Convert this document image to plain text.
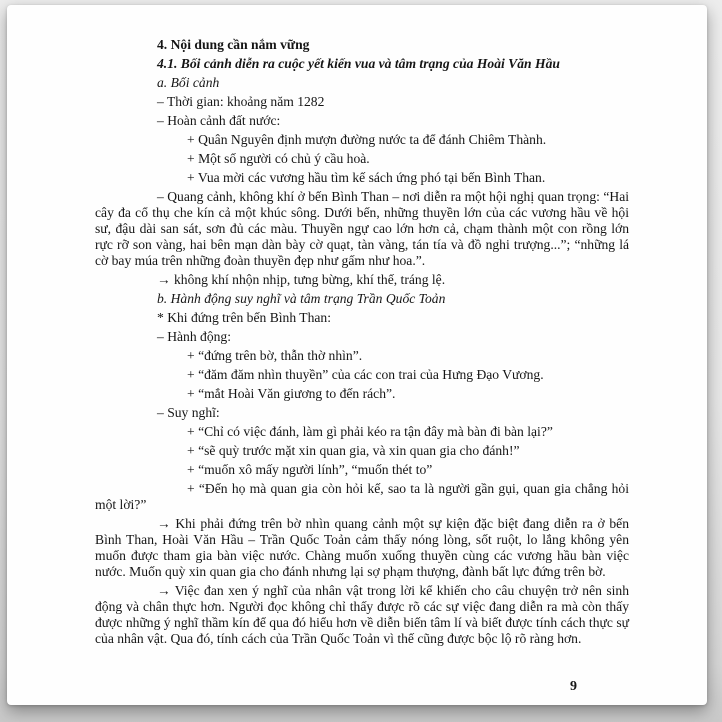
4. Nội dung cần nắm vững
4.1. Bối cảnh diễn ra cuộc yết kiến vua và tâm trạng của Hoài Văn Hầu
a. Bối cảnh
– Thời gian: khoảng năm 1282
– Hoàn cảnh đất nước:
+ Quân Nguyên định mượn đường nước ta để đánh Chiêm Thành.
+ Một số người có chủ ý cầu hoà.
+ Vua mời các vương hầu tìm kế sách ứng phó tại bến Bình Than.
– Quang cảnh, không khí ở bến Bình Than – nơi diễn ra một hội nghị quan trọng: “Hai cây đa cổ thụ che kín cả một khúc sông. Dưới bến, những thuyền lớn của các vương hầu về hội sư, đậu dài san sát, sơn đủ các màu. Thuyền ngự cao lớn hơn cả, chạm thành một con rồng lớn rực rỡ son vàng, hai bên mạn dàn bày cờ quạt, tàn vàng, tán tía và đồ nghi trượng...”; “những lá cờ bay múa trên những đoàn thuyền đẹp như gấm như hoa.”.
→ không khí nhộn nhịp, tưng bừng, khí thế, tráng lệ.
b. Hành động suy nghĩ và tâm trạng Trần Quốc Toản
* Khi đứng trên bến Bình Than:
– Hành động:
+ “đứng trên bờ, thẫn thờ nhìn”.
+ “đăm đăm nhìn thuyền” của các con trai của Hưng Đạo Vương.
+ “mắt Hoài Văn giương to đến rách”.
– Suy nghĩ:
+ “Chỉ có việc đánh, làm gì phải kéo ra tận đây mà bàn đi bàn lại?”
+ “sẽ quỳ trước mặt xin quan gia, và xin quan gia cho đánh!”
+ “muốn xô mấy người lính”, “muốn thét to”
+ “Đến họ mà quan gia còn hỏi kế, sao ta là người gần gụi, quan gia chẳng hỏi một lời?”
→ Khi phải đứng trên bờ nhìn quang cảnh một sự kiện đặc biệt đang diễn ra ở bến Bình Than, Hoài Văn Hầu – Trần Quốc Toản cảm thấy nóng lòng, sốt ruột, lo lắng không yên muốn được tham gia bàn việc nước. Chàng muốn xuống thuyền cùng các vương hầu bàn việc nước. Muốn quỳ xin quan gia cho đánh nhưng lại sợ phạm thượng, đành bất lực đứng trên bờ.
→ Việc đan xen ý nghĩ của nhân vật trong lời kể khiến cho câu chuyện trở nên sinh động và chân thực hơn. Người đọc không chỉ thấy được rõ các sự việc đang diễn ra mà còn thấy được những ý nghĩ thầm kín để qua đó hiểu hơn về diễn biến tâm lí và biết được tính cách thực sự của nhân vật. Qua đó, tính cách của Trần Quốc Toản vì thế cũng được bộc lộ rõ ràng hơn.
9
